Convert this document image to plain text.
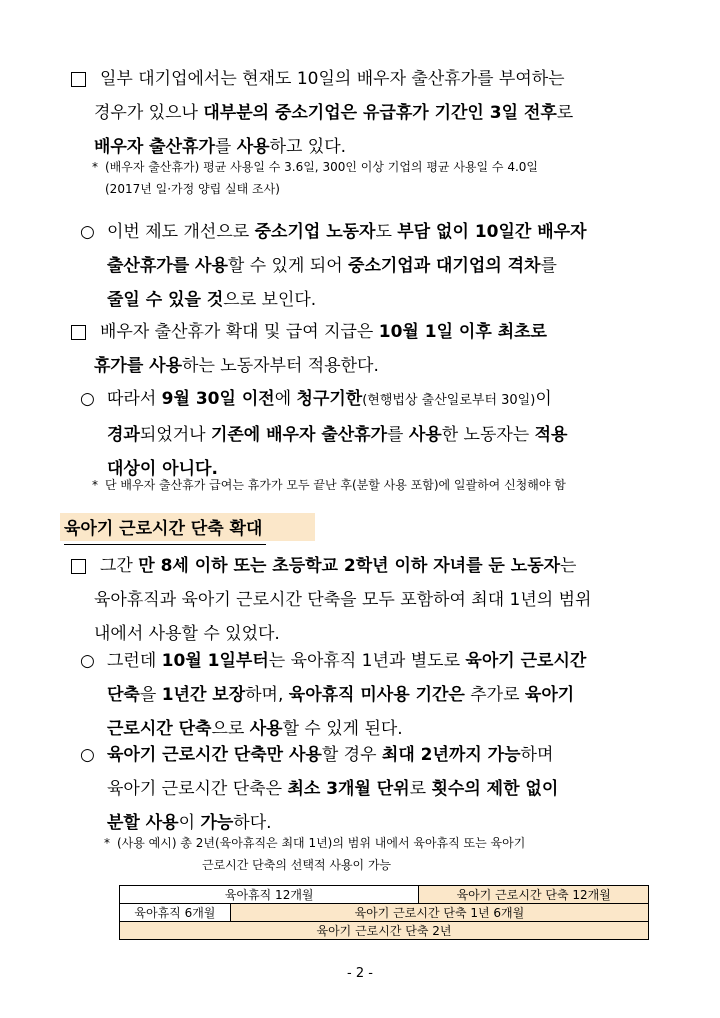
일부 대기업에서는 현재도 10일의 배우자 출산휴가를 부여하는
경우가 있으나 대부분의 중소기업은 유급휴가 기간인 3일 전후로
배우자 출산휴가를 사용하고 있다.
* (배우자 출산휴가) 평균 사용일 수 3.6일, 300인 이상 기업의 평균 사용일 수 4.0일
(2017년 일·가정 양립 실태 조사)
○ 이번 제도 개선으로 중소기업 노동자도 부담 없이 10일간 배우자
출산휴가를 사용할 수 있게 되어 중소기업과 대기업의 격차를
줄일 수 있을 것으로 보인다.
배우자 출산휴가 확대 및 급여 지급은 10월 1일 이후 최초로
휴가를 사용하는 노동자부터 적용한다.
○ 따라서 9월 30일 이전에 청구기한(현행법상 출산일로부터 30일)이
경과되었거나 기존에 배우자 출산휴가를 사용한 노동자는 적용
대상이 아니다.
* 단 배우자 출산휴가 급여는 휴가가 모두 끝난 후(분할 사용 포함)에 일괄하여 신청해야 함
육아기 근로시간 단축 확대
그간 만 8세 이하 또는 초등학교 2학년 이하 자녀를 둔 노동자는
육아휴직과 육아기 근로시간 단축을 모두 포함하여 최대 1년의 범위
내에서 사용할 수 있었다.
○ 그런데 10월 1일부터는 육아휴직 1년과 별도로 육아기 근로시간
단축을 1년간 보장하며, 육아휴직 미사용 기간은 추가로 육아기
근로시간 단축으로 사용할 수 있게 된다.
○ 육아기 근로시간 단축만 사용할 경우 최대 2년까지 가능하며
육아기 근로시간 단축은 최소 3개월 단위로 횟수의 제한 없이
분할 사용이 가능하다.
* (사용 예시) 총 2년(육아휴직은 최대 1년)의 범위 내에서 육아휴직 또는 육아기
근로시간 단축의 선택적 사용이 가능
육아휴직 12개월		육아기 근로시간 단축 12개월
육아휴직 6개월	육아기 근로시간 단축 1년 6개월	
육아기 근로시간 단축 2년		
- 2 -
